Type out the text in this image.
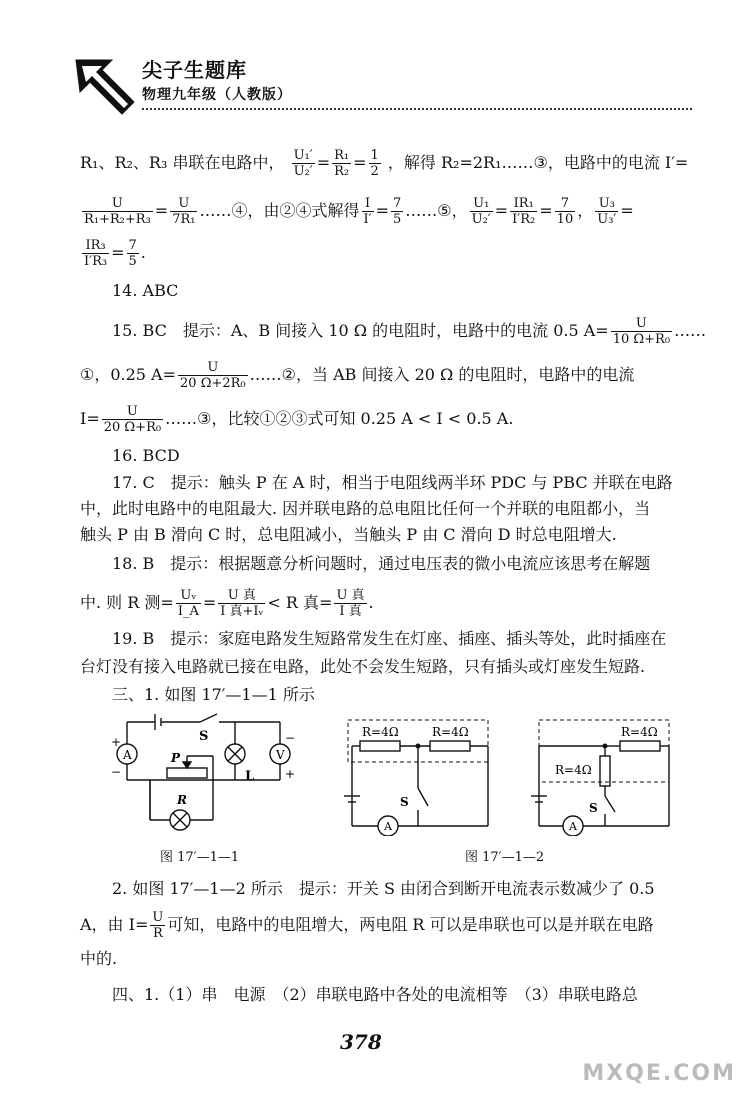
尖子生题库
物理九年级（人教版）
R₁、R₂、R₃ 串联在电路中， $\frac{\text{U₁′}}{\text{U₂′}} = \frac{\text{R₁}}{\text{R₂}} = \frac{1}{2}$ ，解得 R₂=2R₁……③，电路中的电流 I′=
$\frac{U}{\text{R₁+R₂+R₃}} = \frac{U}{\text{7R₁}}$ ……④，由②④式解得 $\frac{I}{I'} = \frac{7}{5}$ ……⑤， $\frac{\text{U₁}}{\text{U₂′}} = \frac{\text{IR₁}}{\text{I′R₂}} = \frac{7}{10}$ ， $\frac{\text{U₃}}{\text{U₃′}}$ =
$\frac{\text{IR₃}}{\text{I′R₃}} = \frac{7}{5}$ .
14. ABC
15. BC　提示：A、B 间接入 10 Ω 的电阻时，电路中的电流 0.5 $A= \frac{U}{\text{10 Ω+R₀}}$ ……
①，0.25 $A= \frac{U}{\text{20 Ω+2R₀}}$ ……②，当 AB 间接入 20 Ω 的电阻时，电路中的电流
$I= \frac{U}{\text{20 Ω+R₀}}$ ……③，比较①②③式可知 0.25 A < I < 0.5 A.
16. BCD
17. C　提示：触头 P 在 A 时，相当于电阻线两半环 PDC 与 PBC 并联在电路
中，此时电路中的电阻最大. 因并联电路的总电阻比任何一个并联的电阻都小，当
触头 P 由 B 滑向 C 时，总电阻减小，当触头 P 由 C 滑向 D 时总电阻增大.
18. B　提示：根据题意分析问题时，通过电压表的微小电流应该思考在解题
中. 则 R 测= $\frac{\text{Uᵥ}}{I\_A} = \frac{\text{U 真}}{\text{I 真+Iᵥ}} < R$ 真= $\frac{\text{U 真}}{\text{I 真}}$ .
19. B　提示：家庭电路发生短路常发生在灯座、插座、插头等处，此时插座在
台灯没有接入电路就已接在电路，此处不会发生短路，只有插头或灯座发生短路.
三、1. 如图 17′—1—1 所示
A	V
S
L
P
R
+
−
−
+
图 17′—1—1
R=4Ω	R=4Ω
S
A
R=4Ω
R=4Ω
S
A
图 17′—1—2
2. 如图 17′—1—2 所示　提示：开关 S 由闭合到断开电流表示数减少了 0.5
A，由 $I= \frac{U}{R}$ 可知，电路中的电阻增大，两电阻 R 可以是串联也可以是并联在电路
中的.
四、1.（1）串　电源　（2）串联电路中各处的电流相等　（3）串联电路总
378
MXQE.COM
